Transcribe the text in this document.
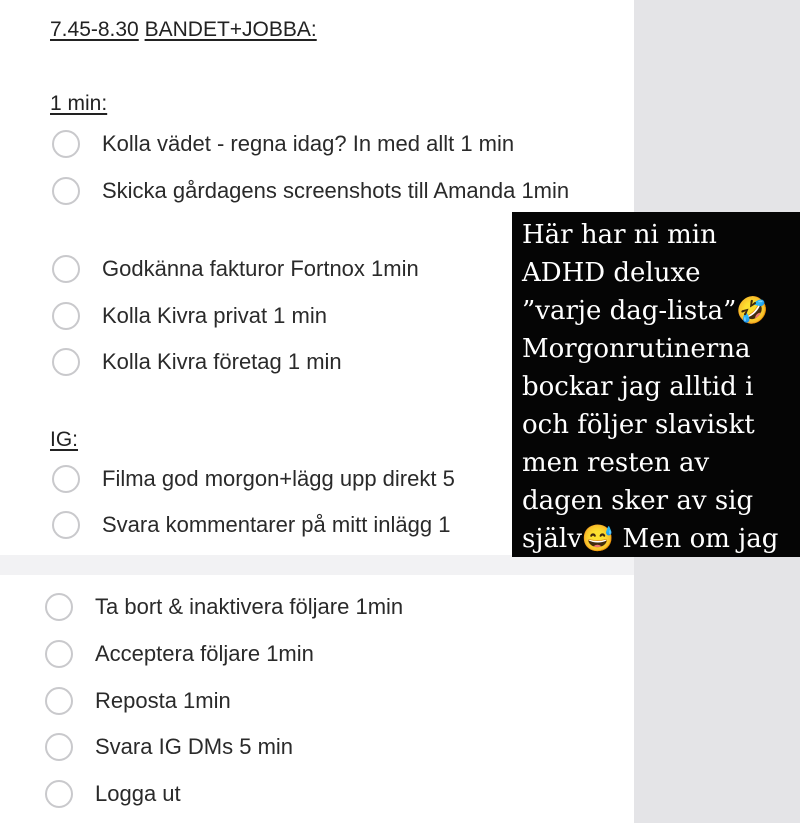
7.45-8.30 BANDET+JOBBA:
1 min:
Kolla vädet - regna idag? In med allt 1 min
Skicka gårdagens screenshots till Amanda 1min
Godkänna fakturor Fortnox 1min
Kolla Kivra privat 1 min
Kolla Kivra företag 1 min
IG:
Filma god morgon+lägg upp direkt 5
Svara kommentarer på mitt inlägg 1
Ta bort & inaktivera följare 1min
Acceptera följare 1min
Reposta 1min
Svara IG DMs 5 min
Logga ut
Här har ni min
ADHD deluxe
”varje dag-lista”🤣
Morgonrutinerna
bockar jag alltid i
och följer slaviskt
men resten av
dagen sker av sig
själv😅 Men om jag
